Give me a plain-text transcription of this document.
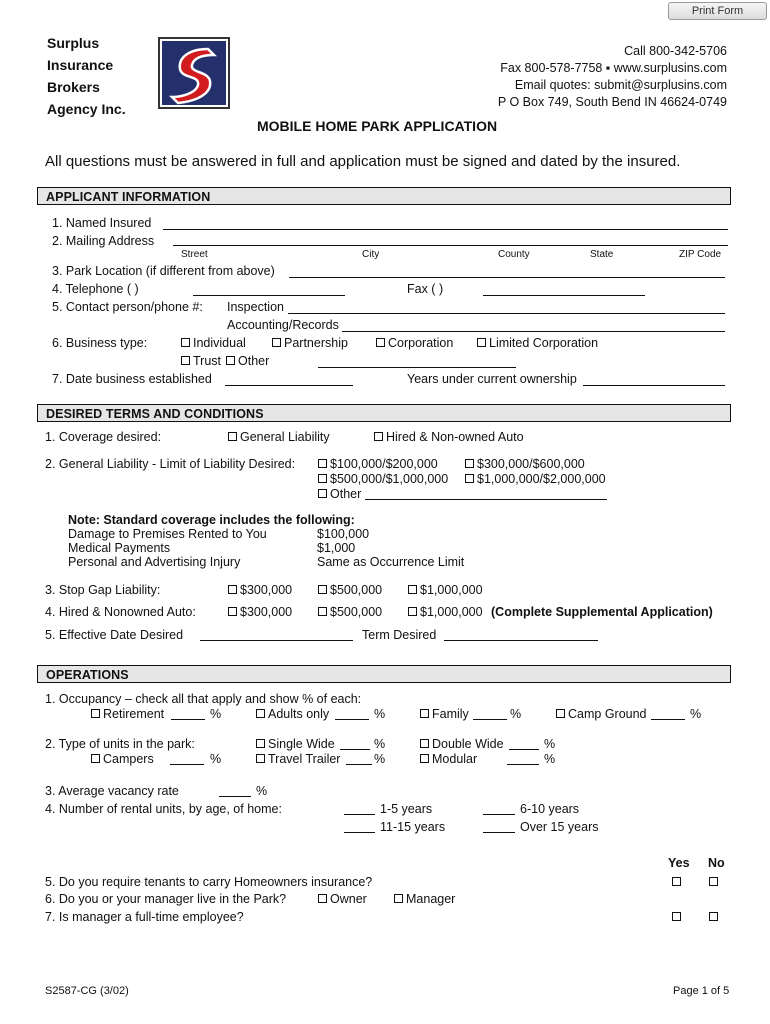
Print Form
Surplus
Insurance
Brokers
Agency Inc.
Call 800-342-5706
Fax 800-578-7758 ▪ www.surplusins.com
Email quotes: submit@surplusins.com
P O Box 749, South Bend IN 46624-0749
MOBILE HOME PARK APPLICATION
All questions must be answered in full and application must be signed and dated by the insured.
APPLICANT INFORMATION
1. Named Insured
2. Mailing Address
Street	City	County	State	ZIP Code
3. Park Location (if different from above)
4. Telephone ( )	Fax ( )
5. Contact person/phone #: Inspection
Accounting/Records
6. Business type:	Individual	Partnership	Corporation	Limited Corporation
Trust	Other
7. Date business established	Years under current ownership
DESIRED TERMS AND CONDITIONS
1. Coverage desired:	General Liability	Hired & Non-owned Auto
2. General Liability - Limit of Liability Desired:	$100,000/$200,000	$300,000/$600,000
$500,000/$1,000,000	$1,000,000/$2,000,000
Other
Note: Standard coverage includes the following:
Damage to Premises Rented to You	$100,000
Medical Payments	$1,000
Personal and Advertising Injury	Same as Occurrence Limit
3. Stop Gap Liability:	$300,000	$500,000	$1,000,000
4. Hired & Nonowned Auto:	$300,000	$500,000	$1,000,000 (Complete Supplemental Application)
5. Effective Date Desired	Term Desired
OPERATIONS
1. Occupancy – check all that apply and show % of each:
Retirement	%	Adults only	%	Family	%	Camp Ground	%
2. Type of units in the park:	Single Wide	%	Double Wide	%
Campers	%	Travel Trailer	%	Modular	%
3. Average vacancy rate	%
4. Number of rental units, by age, of home:	1-5 years	6-10 years
11-15 years	Over 15 years
Yes No
5. Do you require tenants to carry Homeowners insurance?
6. Do you or your manager live in the Park?	Owner	Manager
7. Is manager a full-time employee?
S2587-CG (3/02)	Page 1 of 5
